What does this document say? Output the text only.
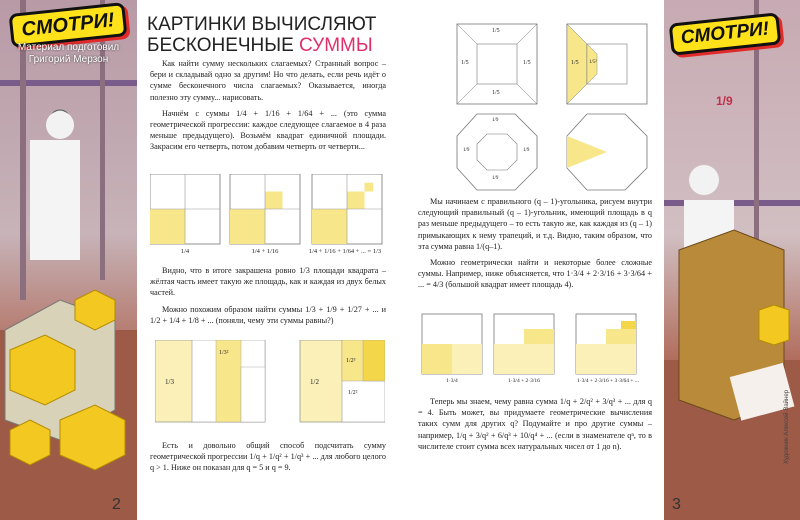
СМОТРИ!
Материал подготовил
Григорий Мерзон
2
СМОТРИ!
1/9
Художник Алексей Вайнер
3
КАРТИНКИ ВЫЧИСЛЯЮТ
БЕСКОНЕЧНЫЕ СУММЫ

Как найти сумму нескольких слагаемых? Странный вопрос – бери и складывай одно за другим! Но что делать, если речь идёт о сумме бесконечного числа слагаемых? Оказывается, иногда полезно эту сумму... нарисовать.

Начнём с суммы 1/4 + 1/16 + 1/64 + ... (это сумма геометрической прогрессии: каждое следующее слагаемое в 4 раза меньше предыдущего). Возьмём квадрат единичной площади. Закрасим его четверть, потом добавим четверть от четверти...

1/4	1/4 + 1/16	1/4 + 1/16 + 1/64 + ... = 1/3

Видно, что в итоге закрашена ровно 1/3 площади квадрата – жёлтая часть имеет такую же площадь, как и каждая из двух белых частей.

Можно похожим образом найти суммы 1/3 + 1/9 + 1/27 + ... и 1/2 + 1/4 + 1/8 + ... (поняли, чему эти суммы равны?)

1/3
1/3²
1/2
1/2²
1/2³

Есть и довольно общий способ подсчитать сумму геометрической прогрессии 1/q + 1/q² + 1/q³ + ... для любого целого q > 1. Ниже он показан для q = 5 и q = 9.

1/5
1/5	1/5
1/5
1/5 1/5²
1/9
1/9	1/9
1/9

Мы начинаем с правильного (q – 1)-угольника, рисуем внутри следующий правильный (q – 1)-угольник, имеющий площадь в q раз меньше предыдущего – то есть такую же, как каждая из (q – 1) примыкающих к нему трапеций, и т.д. Видно, таким образом, что эта сумма равна 1/(q–1).

Можно геометрически найти и некоторые более сложные суммы. Например, ниже объясняется, что 1·3/4 + 2·3/16 + 3·3/64 + ... = 4/3 (большой квадрат имеет площадь 4).

1·3/4	1·3/4 + 2·3/16	1·3/4 + 2·3/16 + 3·3/64 + ...

Теперь мы знаем, чему равна сумма 1/q + 2/q² + 3/q³ + ... для q = 4. Быть может, вы придумаете геометрические вычисления таких сумм для других q? Подумайте и про другие суммы – например, 1/q + 3/q² + 6/q³ + 10/q⁴ + ... (если в знаменателе qⁿ, то в числителе стоит сумма всех натуральных чисел от 1 до n).
